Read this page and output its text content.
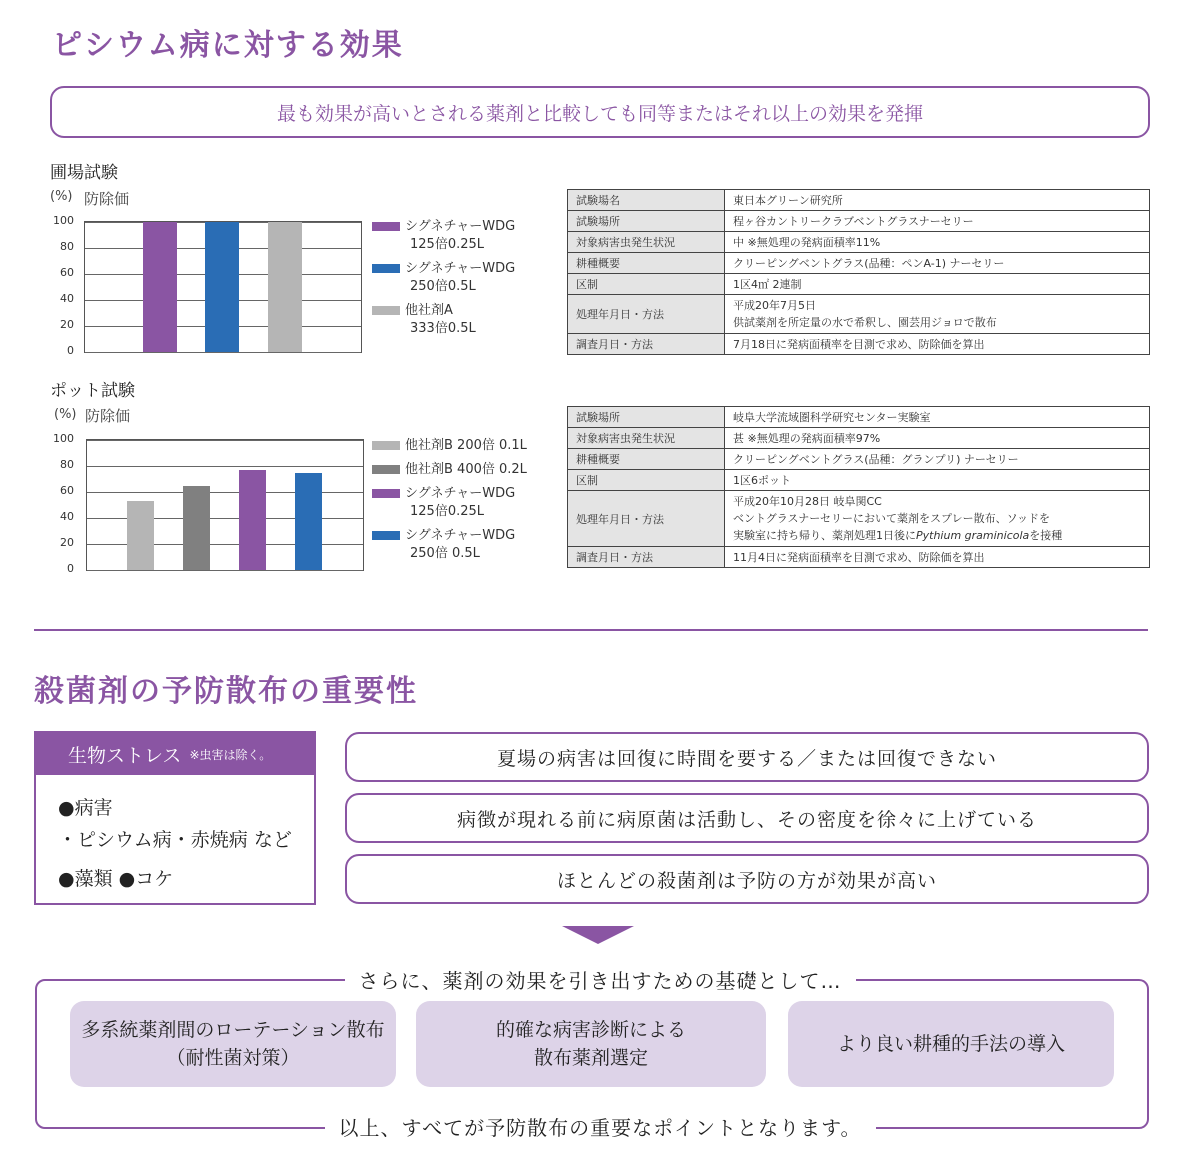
ピシウム病に対する効果
最も効果が高いとされる薬剤と比較しても同等またはそれ以上の効果を発揮
圃場試験
(%) 防除価
0
20
40
60
80
100	シグネチャーWDG
125倍0.25L
シグネチャーWDG
250倍0.5L
他社剤A
333倍0.5L
試験場名	東日本グリーン研究所
試験場所	程ヶ谷カントリークラブベントグラスナーセリー
対象病害虫発生状況	中 ※無処理の発病面積率11%
耕種概要	クリーピングベントグラス(品種：ペンA-1) ナーセリー
区制	1区4㎡ 2連制
処理年月日・方法	平成20年7月5日
供試薬剤を所定量の水で希釈し、園芸用ジョロで散布
調査月日・方法	7月18日に発病面積率を目測で求め、防除価を算出
ポット試験
(%) 防除価
0
20
40
60
80
100	他社剤B 200倍 0.1L
他社剤B 400倍 0.2L
シグネチャーWDG
125倍0.25L
シグネチャーWDG
250倍 0.5L
試験場所	岐阜大学流域圏科学研究センター実験室
対象病害虫発生状況	甚 ※無処理の発病面積率97%
耕種概要	クリーピングベントグラス(品種：グランプリ) ナーセリー
区制	1区6ポット
処理年月日・方法	平成20年10月28日 岐阜関CC
ベントグラスナーセリーにおいて薬剤をスプレー散布、ソッドを
実験室に持ち帰り、薬剤処理1日後にPythium graminicolaを接種
調査月日・方法	11月4日に発病面積率を目測で求め、防除価を算出
殺菌剤の予防散布の重要性
生物ストレス ※虫害は除く。
●病害
・ピシウム病・赤焼病 など
●藻類 ●コケ
夏場の病害は回復に時間を要する／または回復できない
病徴が現れる前に病原菌は活動し、その密度を徐々に上げている
ほとんどの殺菌剤は予防の方が効果が高い
さらに、薬剤の効果を引き出すための基礎として…
多系統薬剤間のローテーション散布
（耐性菌対策）
的確な病害診断による
散布薬剤選定
より良い耕種的手法の導入
以上、すべてが予防散布の重要なポイントとなります。
